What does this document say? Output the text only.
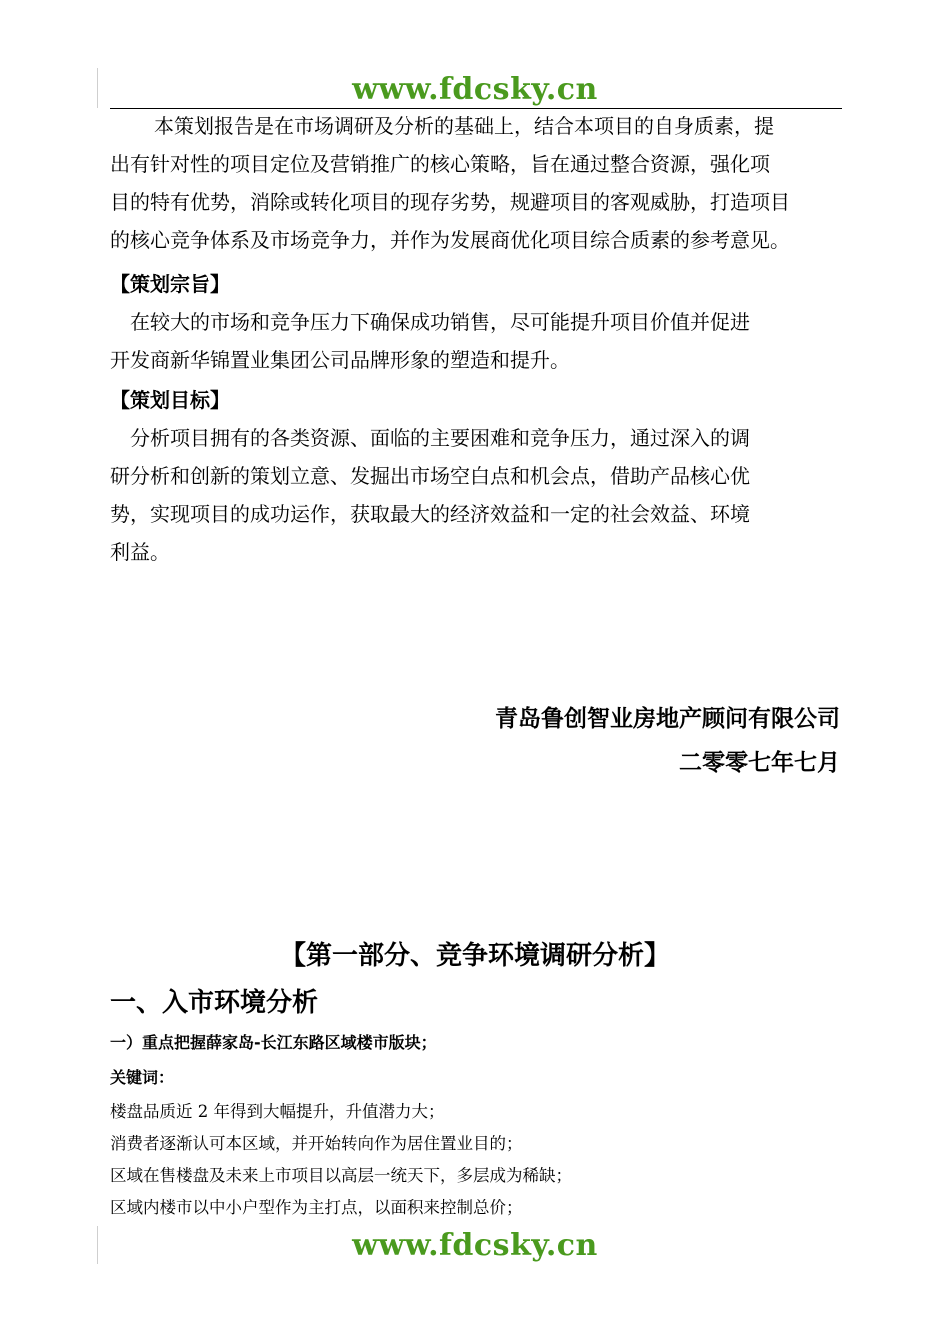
www.fdcsky.cn
本策划报告是在市场调研及分析的基础上，结合本项目的自身质素，提
出有针对性的项目定位及营销推广的核心策略，旨在通过整合资源，强化项
目的特有优势，消除或转化项目的现存劣势，规避项目的客观威胁，打造项目
的核心竞争体系及市场竞争力，并作为发展商优化项目综合质素的参考意见。
【策划宗旨】
在较大的市场和竞争压力下确保成功销售，尽可能提升项目价值并促进
开发商新华锦置业集团公司品牌形象的塑造和提升。
【策划目标】
分析项目拥有的各类资源、面临的主要困难和竞争压力，通过深入的调
研分析和创新的策划立意、发掘出市场空白点和机会点，借助产品核心优
势，实现项目的成功运作，获取最大的经济效益和一定的社会效益、环境
利益。
青岛鲁创智业房地产顾问有限公司
二零零七年七月
【第一部分、竞争环境调研分析】
一、入市环境分析
一）重点把握薛家岛-长江东路区域楼市版块；
关键词：
楼盘品质近 2 年得到大幅提升，升值潜力大；
消费者逐渐认可本区域，并开始转向作为居住置业目的；
区域在售楼盘及未来上市项目以高层一统天下，多层成为稀缺；
区域内楼市以中小户型作为主打点，以面积来控制总价；
www.fdcsky.cn
